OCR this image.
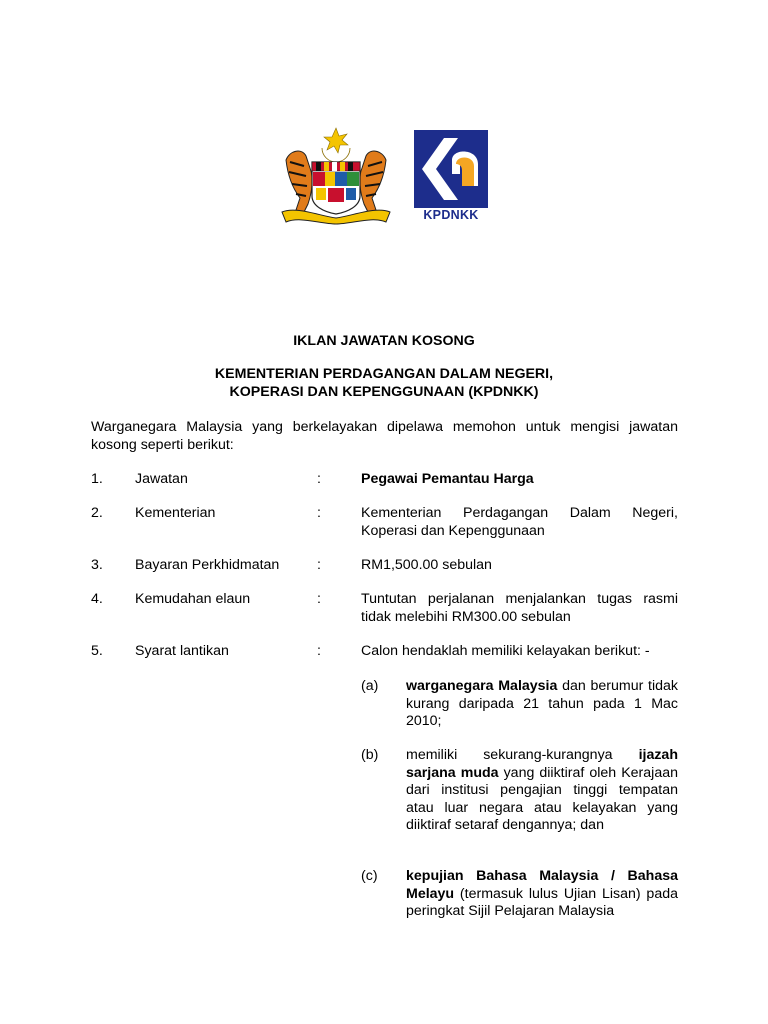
KPDNKK
IKLAN JAWATAN KOSONG
KEMENTERIAN PERDAGANGAN DALAM NEGERI,
KOPERASI DAN KEPENGGUNAAN (KPDNKK)
Warganegara Malaysia yang berkelayakan dipelawa memohon untuk mengisi jawatan kosong seperti berikut:
1. Jawatan	:	Pegawai Pemantau Harga
2. Kementerian	:	Kementerian Perdagangan Dalam Negeri, Koperasi dan Kepenggunaan
3. Bayaran Perkhidmatan	:	RM1,500.00 sebulan
4. Kemudahan elaun	:	Tuntutan perjalanan menjalankan tugas rasmi tidak melebihi RM300.00 sebulan
5. Syarat lantikan	:	Calon hendaklah memiliki kelayakan berikut: -
(a) warganegara Malaysia dan berumur tidak kurang daripada 21 tahun pada 1 Mac 2010;
(b) memiliki sekurang-kurangnya ijazah sarjana muda yang diiktiraf oleh Kerajaan dari institusi pengajian tinggi tempatan atau luar negara atau kelayakan yang diiktiraf setaraf dengannya; dan
(c) kepujian Bahasa Malaysia / Bahasa Melayu (termasuk lulus Ujian Lisan) pada peringkat Sijil Pelajaran Malaysia
